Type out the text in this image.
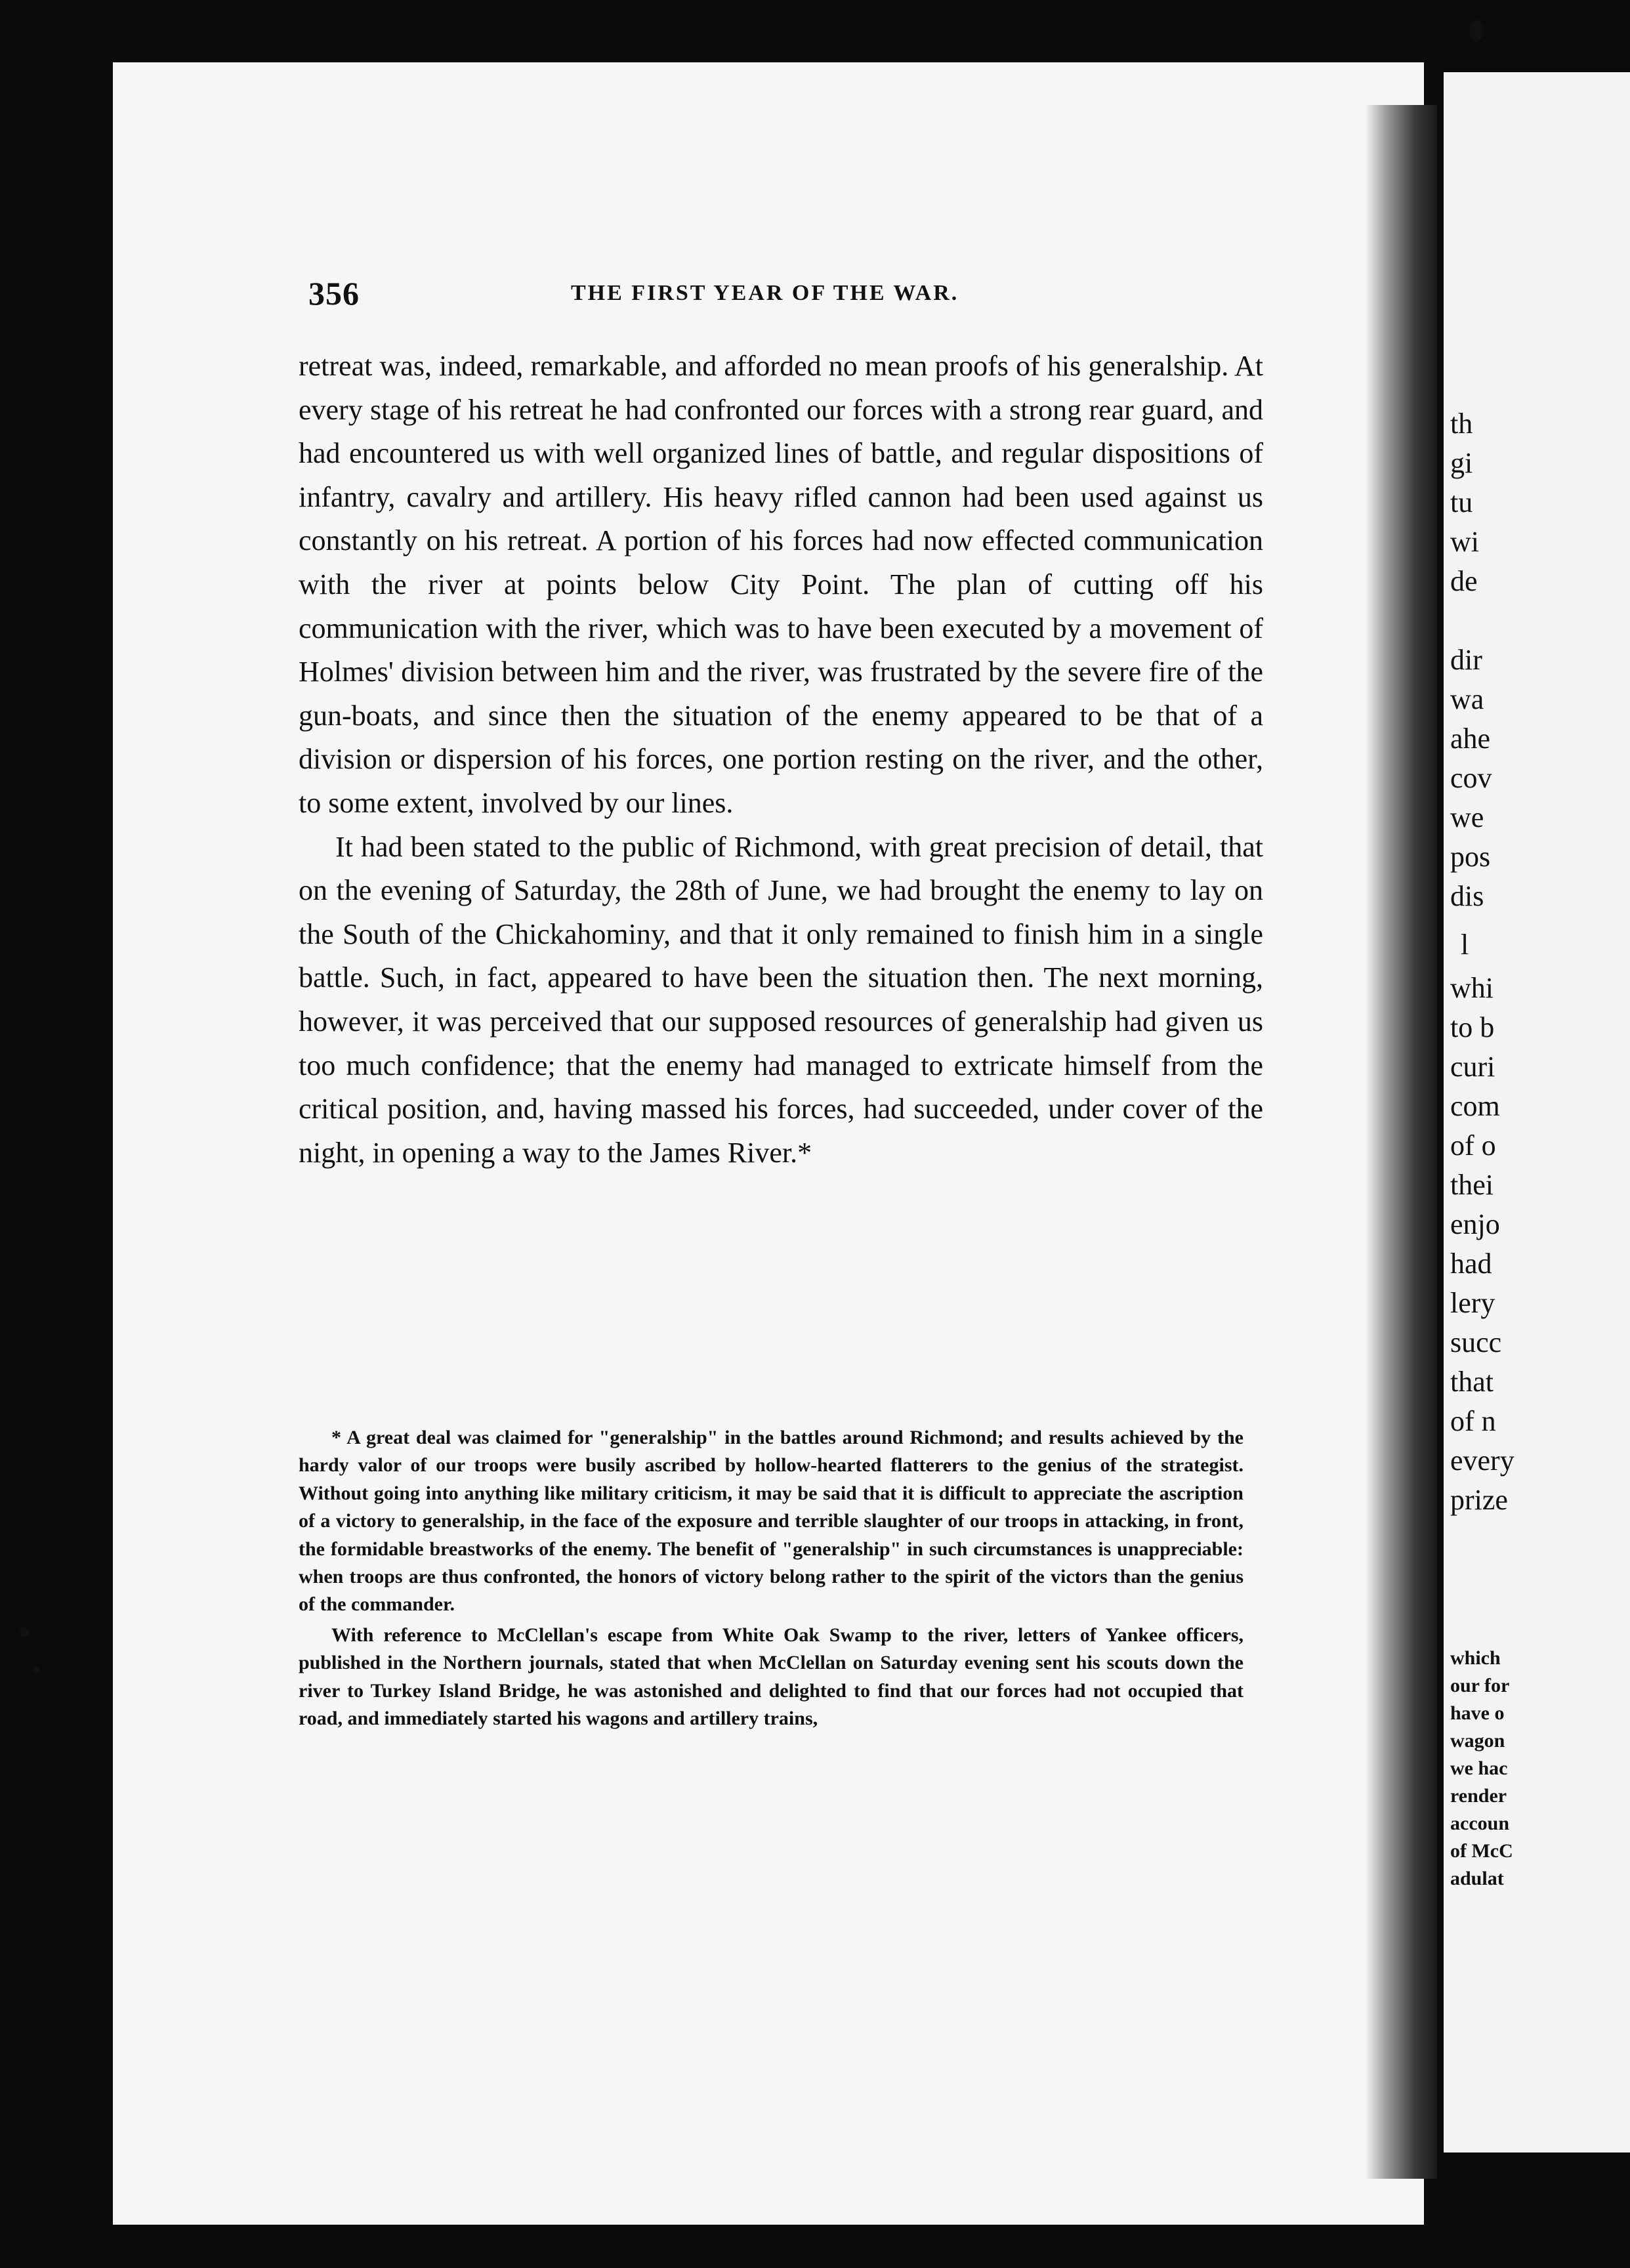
th
gi
tu
wi
de
dir
wa
ahe
cov
we
pos
dis
l
whi
to b
curi
com
of o
thei
enjo
had
lery
succ
that
of n
every
prize
which
our for
have o
wagon
we hac
render
accoun
of McC
adulat
356	THE FIRST YEAR OF THE WAR.

retreat was, indeed, remarkable, and afforded no mean proofs of his generalship. At every stage of his retreat he had confronted our forces with a strong rear guard, and had encountered us with well organized lines of battle, and regular dispositions of infantry, cavalry and artillery. His heavy rifled cannon had been used against us constantly on his retreat. A portion of his forces had now effected communication with the river at points below City Point. The plan of cutting off his communication with the river, which was to have been executed by a movement of Holmes' division between him and the river, was frustrated by the severe fire of the gun-boats, and since then the situation of the enemy appeared to be that of a division or dispersion of his forces, one portion resting on the river, and the other, to some extent, involved by our lines.

It had been stated to the public of Richmond, with great precision of detail, that on the evening of Saturday, the 28th of June, we had brought the enemy to lay on the South of the Chickahominy, and that it only remained to finish him in a single battle. Such, in fact, appeared to have been the situation then. The next morning, however, it was perceived that our supposed resources of generalship had given us too much confidence; that the enemy had managed to extricate himself from the critical position, and, having massed his forces, had succeeded, under cover of the night, in opening a way to the James River.*

* A great deal was claimed for "generalship" in the battles around Richmond; and results achieved by the hardy valor of our troops were busily ascribed by hollow-hearted flatterers to the genius of the strategist. Without going into anything like military criticism, it may be said that it is difficult to appreciate the ascription of a victory to generalship, in the face of the exposure and terrible slaughter of our troops in attacking, in front, the formidable breastworks of the enemy. The benefit of "generalship" in such circumstances is unappreciable: when troops are thus confronted, the honors of victory belong rather to the spirit of the victors than the genius of the commander.

With reference to McClellan's escape from White Oak Swamp to the river, letters of Yankee officers, published in the Northern journals, stated that when McClellan on Saturday evening sent his scouts down the river to Turkey Island Bridge, he was astonished and delighted to find that our forces had not occupied that road, and immediately started his wagons and artillery trains,
